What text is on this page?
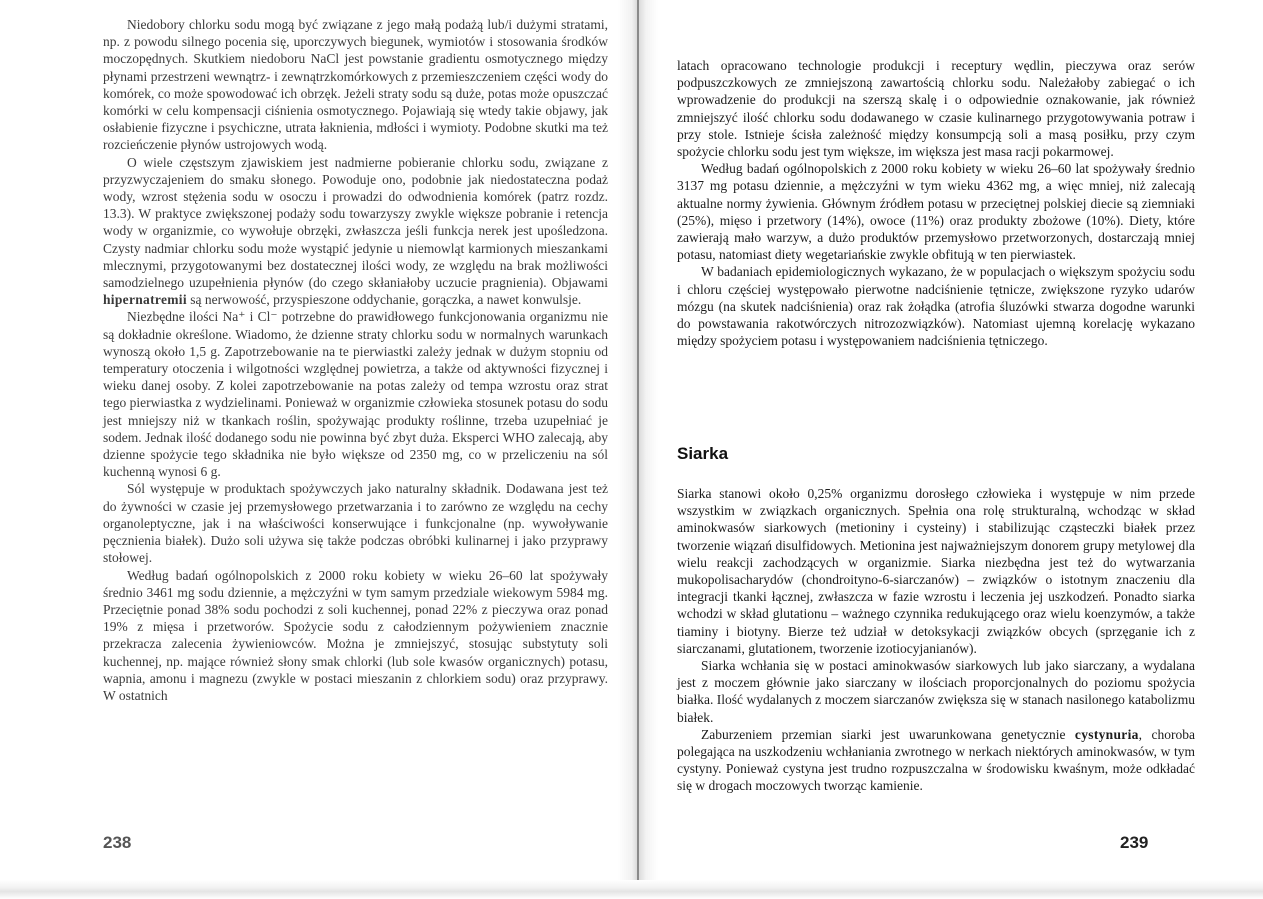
Niedobory chlorku sodu mogą być związane z jego małą podażą lub/i dużymi stratami, np. z powodu silnego pocenia się, uporczywych biegunek, wymiotów i stosowania środków moczopędnych. Skutkiem niedoboru NaCl jest powstanie gradientu osmotycznego między płynami przestrzeni wewnątrz- i zewnątrzkomórkowych z przemieszczeniem części wody do komórek, co może spowodować ich obrzęk. Jeżeli straty sodu są duże, potas może opuszczać komórki w celu kompensacji ciśnienia osmotycznego. Pojawiają się wtedy takie objawy, jak osłabienie fizyczne i psychiczne, utrata łaknienia, mdłości i wymioty. Podobne skutki ma też rozcieńczenie płynów ustrojowych wodą.

O wiele częstszym zjawiskiem jest nadmierne pobieranie chlorku sodu, związane z przyzwyczajeniem do smaku słonego. Powoduje ono, podobnie jak niedostateczna podaż wody, wzrost stężenia sodu w osoczu i prowadzi do odwodnienia komórek (patrz rozdz. 13.3). W praktyce zwiększonej podaży sodu towarzyszy zwykle większe pobranie i retencja wody w organizmie, co wywołuje obrzęki, zwłaszcza jeśli funkcja nerek jest upośledzona. Czysty nadmiar chlorku sodu może wystąpić jedynie u niemowląt karmionych mieszankami mlecznymi, przygotowanymi bez dostatecznej ilości wody, ze względu na brak możliwości samodzielnego uzupełnienia płynów (do czego skłaniałoby uczucie pragnienia). Objawami hipernatremii są nerwowość, przyspieszone oddychanie, gorączka, a nawet konwulsje.

Niezbędne ilości Na⁺ i Cl⁻ potrzebne do prawidłowego funkcjonowania organizmu nie są dokładnie określone. Wiadomo, że dzienne straty chlorku sodu w normalnych warunkach wynoszą około 1,5 g. Zapotrzebowanie na te pierwiastki zależy jednak w dużym stopniu od temperatury otoczenia i wilgotności względnej powietrza, a także od aktywności fizycznej i wieku danej osoby. Z kolei zapotrzebowanie na potas zależy od tempa wzrostu oraz strat tego pierwiastka z wydzielinami. Ponieważ w organizmie człowieka stosunek potasu do sodu jest mniejszy niż w tkankach roślin, spożywając produkty roślinne, trzeba uzupełniać je sodem. Jednak ilość dodanego sodu nie powinna być zbyt duża. Eksperci WHO zalecają, aby dzienne spożycie tego składnika nie było większe od 2350 mg, co w przeliczeniu na sól kuchenną wynosi 6 g.

Sól występuje w produktach spożywczych jako naturalny składnik. Dodawana jest też do żywności w czasie jej przemysłowego przetwarzania i to zarówno ze względu na cechy organoleptyczne, jak i na właściwości konserwujące i funkcjonalne (np. wywoływanie pęcznienia białek). Dużo soli używa się także podczas obróbki kulinarnej i jako przyprawy stołowej.

Według badań ogólnopolskich z 2000 roku kobiety w wieku 26–60 lat spożywały średnio 3461 mg sodu dziennie, a mężczyźni w tym samym przedziale wiekowym 5984 mg. Przeciętnie ponad 38% sodu pochodzi z soli kuchennej, ponad 22% z pieczywa oraz ponad 19% z mięsa i przetworów. Spożycie sodu z całodziennym pożywieniem znacznie przekracza zalecenia żywieniowców. Można je zmniejszyć, stosując substytuty soli kuchennej, np. mające również słony smak chlorki (lub sole kwasów organicznych) potasu, wapnia, amonu i magnezu (zwykle w postaci mieszanin z chlorkiem sodu) oraz przyprawy. W ostatnich

238

latach opracowano technologie produkcji i receptury wędlin, pieczywa oraz serów podpuszczkowych ze zmniejszoną zawartością chlorku sodu. Należałoby zabiegać o ich wprowadzenie do produkcji na szerszą skalę i o odpowiednie oznakowanie, jak również zmniejszyć ilość chlorku sodu dodawanego w czasie kulinarnego przygotowywania potraw i przy stole. Istnieje ścisła zależność między konsumpcją soli a masą posiłku, przy czym spożycie chlorku sodu jest tym większe, im większa jest masa racji pokarmowej.

Według badań ogólnopolskich z 2000 roku kobiety w wieku 26–60 lat spożywały średnio 3137 mg potasu dziennie, a mężczyźni w tym wieku 4362 mg, a więc mniej, niż zalecają aktualne normy żywienia. Głównym źródłem potasu w przeciętnej polskiej diecie są ziemniaki (25%), mięso i przetwory (14%), owoce (11%) oraz produkty zbożowe (10%). Diety, które zawierają mało warzyw, a dużo produktów przemysłowo przetworzonych, dostarczają mniej potasu, natomiast diety wegetariańskie zwykle obfitują w ten pierwiastek.

W badaniach epidemiologicznych wykazano, że w populacjach o większym spożyciu sodu i chloru częściej występowało pierwotne nadciśnienie tętnicze, zwiększone ryzyko udarów mózgu (na skutek nadciśnienia) oraz rak żołądka (atrofia śluzówki stwarza dogodne warunki do powstawania rakotwórczych nitrozozwiązków). Natomiast ujemną korelację wykazano między spożyciem potasu i występowaniem nadciśnienia tętniczego.

Siarka

Siarka stanowi około 0,25% organizmu dorosłego człowieka i występuje w nim przede wszystkim w związkach organicznych. Spełnia ona rolę strukturalną, wchodząc w skład aminokwasów siarkowych (metioniny i cysteiny) i stabilizując cząsteczki białek przez tworzenie wiązań disulfidowych. Metionina jest najważniejszym donorem grupy metylowej dla wielu reakcji zachodzących w organizmie. Siarka niezbędna jest też do wytwarzania mukopolisacharydów (chondroityno-6-siarczanów) – związków o istotnym znaczeniu dla integracji tkanki łącznej, zwłaszcza w fazie wzrostu i leczenia jej uszkodzeń. Ponadto siarka wchodzi w skład glutationu – ważnego czynnika redukującego oraz wielu koenzymów, a także tiaminy i biotyny. Bierze też udział w detoksykacji związków obcych (sprzęganie ich z siarczanami, glutationem, tworzenie izotiocyjanianów).

Siarka wchłania się w postaci aminokwasów siarkowych lub jako siarczany, a wydalana jest z moczem głównie jako siarczany w ilościach proporcjonalnych do poziomu spożycia białka. Ilość wydalanych z moczem siarczanów zwiększa się w stanach nasilonego katabolizmu białek.

Zaburzeniem przemian siarki jest uwarunkowana genetycznie cystynuria, choroba polegająca na uszkodzeniu wchłaniania zwrotnego w nerkach niektórych aminokwasów, w tym cystyny. Ponieważ cystyna jest trudno rozpuszczalna w środowisku kwaśnym, może odkładać się w drogach moczowych tworząc kamienie.

239
